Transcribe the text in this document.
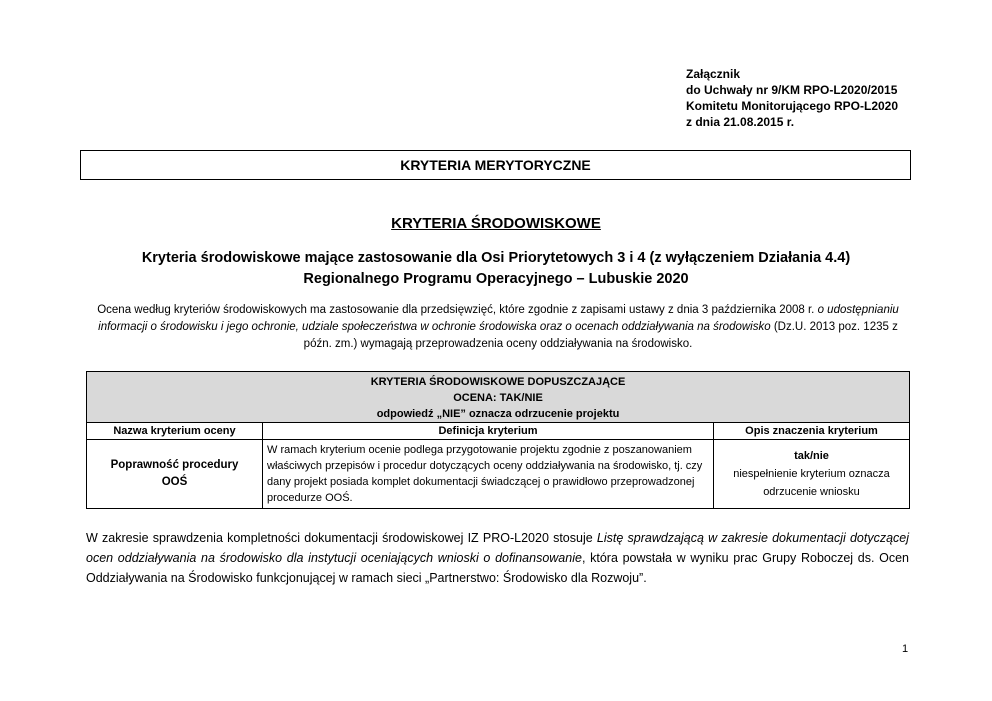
Załącznik
do Uchwały nr 9/KM RPO-L2020/2015
Komitetu Monitorującego RPO-L2020
z dnia 21.08.2015 r.
KRYTERIA MERYTORYCZNE
KRYTERIA ŚRODOWISKOWE
Kryteria środowiskowe mające zastosowanie dla Osi Priorytetowych 3 i 4 (z wyłączeniem Działania 4.4)
Regionalnego Programu Operacyjnego – Lubuskie 2020
Ocena według kryteriów środowiskowych ma zastosowanie dla przedsięwzięć, które zgodnie z zapisami ustawy z dnia 3 października 2008 r. o udostępnianiu informacji o środowisku i jego ochronie, udziale społeczeństwa w ochronie środowiska oraz o ocenach oddziaływania na środowisko (Dz.U. 2013 poz. 1235 z późn. zm.) wymagają przeprowadzenia oceny oddziaływania na środowisko.
KRYTERIA ŚRODOWISKOWE DOPUSZCZAJĄCE
OCENA: TAK/NIE
odpowiedź „NIE” oznacza odrzucenie projektu		

Nazwa kryterium oceny	Definicja kryterium	Opis znaczenia kryterium

Poprawność procedury
OOŚ	W ramach kryterium ocenie podlega przygotowanie projektu zgodnie z poszanowaniem właściwych przepisów i procedur dotyczących oceny oddziaływania na środowisko, tj. czy dany projekt posiada komplet dokumentacji świadczącej o prawidłowo przeprowadzonej procedurze OOŚ.	tak/nie
niespełnienie kryterium oznacza odrzucenie wniosku
W zakresie sprawdzenia kompletności dokumentacji środowiskowej IZ PRO-L2020 stosuje Listę sprawdzającą w zakresie dokumentacji dotyczącej ocen oddziaływania na środowisko dla instytucji oceniających wnioski o dofinansowanie, która powstała w wyniku prac Grupy Roboczej ds. Ocen Oddziaływania na Środowisko funkcjonującej w ramach sieci „Partnerstwo: Środowisko dla Rozwoju”.
1
